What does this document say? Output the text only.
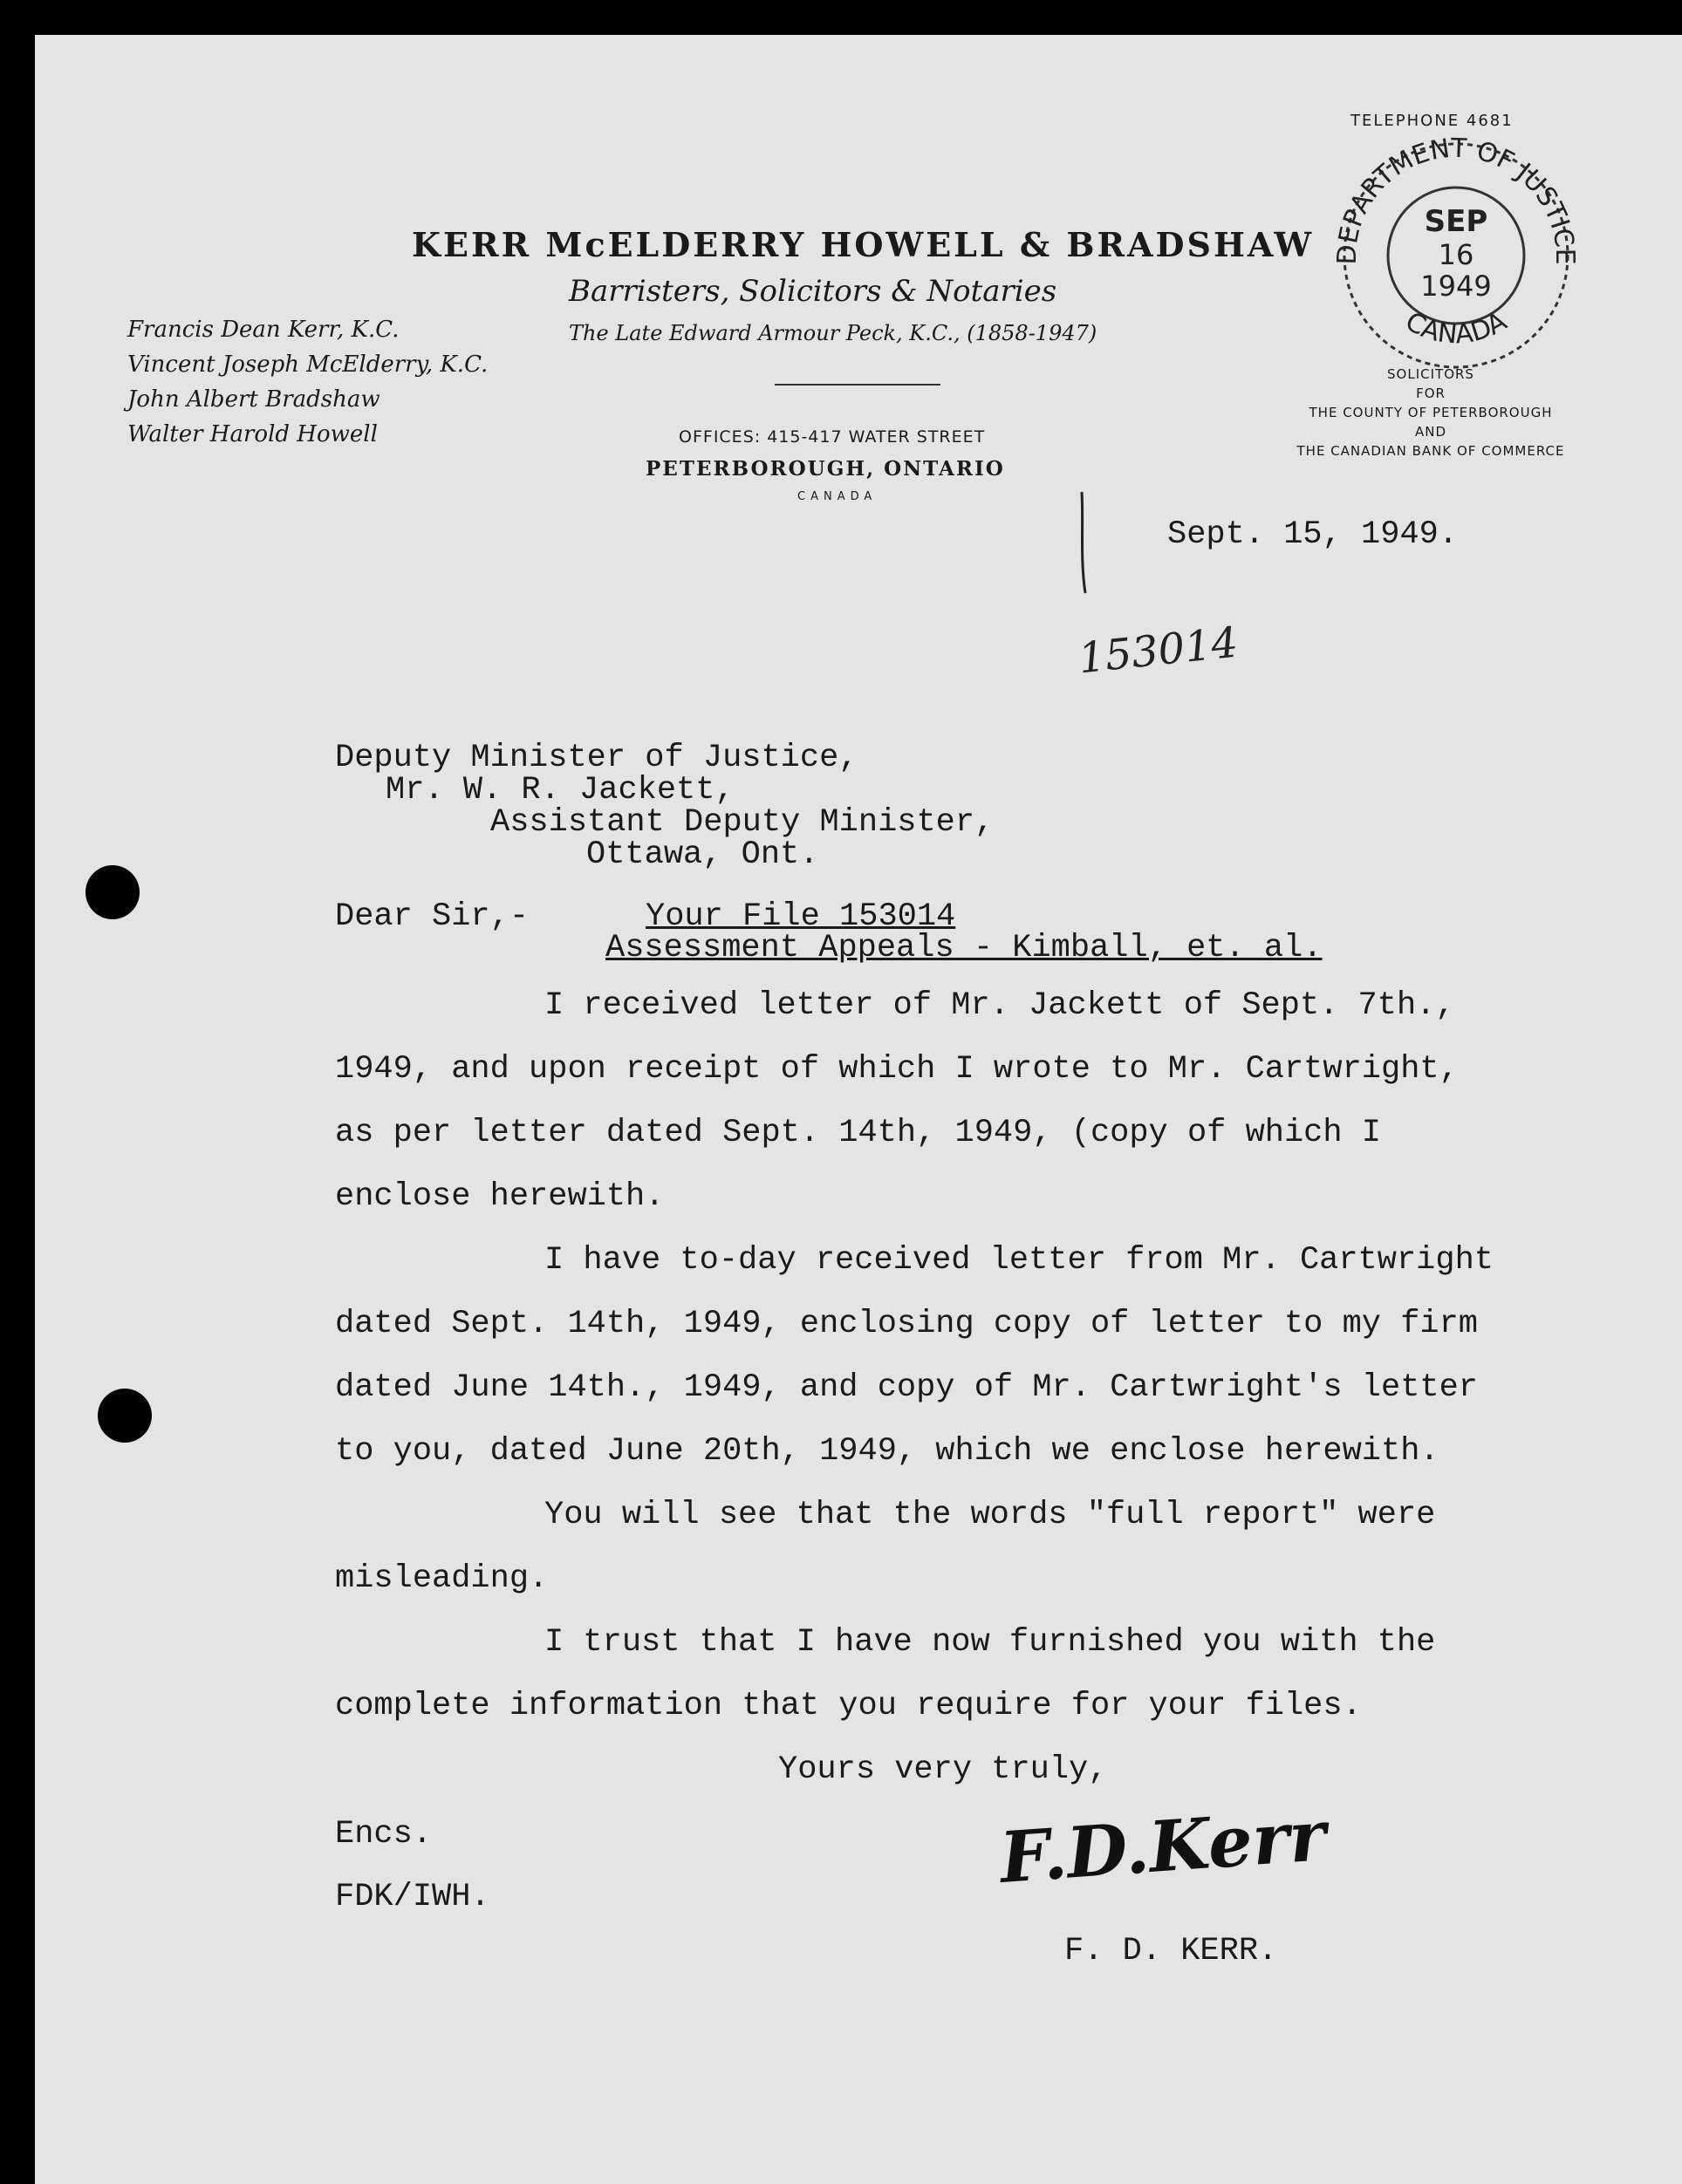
TELEPHONE 4681
DEPARTMENT OF JUSTICE
CANADA
SEP
16
1949
SOLICITORS
FOR
THE COUNTY OF PETERBOROUGH
AND
THE CANADIAN BANK OF COMMERCE
KERR McELDERRY HOWELL & BRADSHAW
Barristers, Solicitors & Notaries
The Late Edward Armour Peck, K.C., (1858-1947)
Francis Dean Kerr, K.C.
Vincent Joseph McElderry, K.C.
John Albert Bradshaw
Walter Harold Howell	OFFICES: 415-417 WATER STREET
PETERBOROUGH, ONTARIO
CANADA
Sept. 15, 1949.
153014
Deputy Minister of Justice,
Mr. W. R. Jackett,
Assistant Deputy Minister,
Ottawa, Ont.
Dear Sir,-	Your File 153014
Assessment Appeals - Kimball, et. al.
I received letter of Mr. Jackett of Sept. 7th.,
1949, and upon receipt of which I wrote to Mr. Cartwright,
as per letter dated Sept. 14th, 1949, (copy of which I
enclose herewith.
I have to-day received letter from Mr. Cartwright
dated Sept. 14th, 1949, enclosing copy of letter to my firm
dated June 14th., 1949, and copy of Mr. Cartwright's letter
to you, dated June 20th, 1949, which we enclose herewith.
You will see that the words "full report" were
misleading.
I trust that I have now furnished you with the
complete information that you require for your files.
Yours very truly,
Encs.
FDK/IWH.	F.D.Kerr
F. D. KERR.
